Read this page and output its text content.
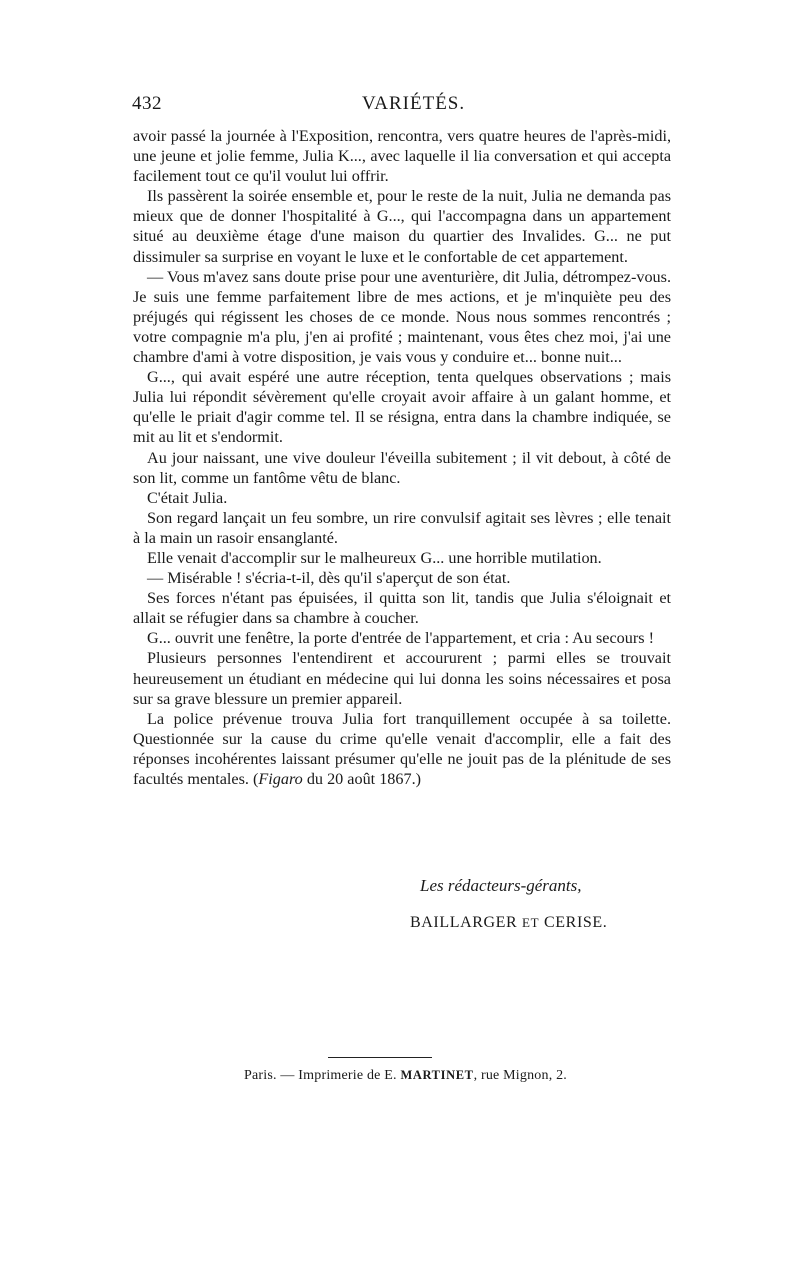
432	VARIÉTÉS.

avoir passé la journée à l'Exposition, rencontra, vers quatre heures de l'après-midi, une jeune et jolie femme, Julia K..., avec laquelle il lia conversation et qui accepta facilement tout ce qu'il voulut lui offrir.

Ils passèrent la soirée ensemble et, pour le reste de la nuit, Julia ne demanda pas mieux que de donner l'hospitalité à G..., qui l'accompagna dans un appartement situé au deuxième étage d'une maison du quartier des Invalides. G... ne put dissimuler sa surprise en voyant le luxe et le confortable de cet appartement.

— Vous m'avez sans doute prise pour une aventurière, dit Julia, détrompez-vous. Je suis une femme parfaitement libre de mes actions, et je m'inquiète peu des préjugés qui régissent les choses de ce monde. Nous nous sommes rencontrés ; votre compagnie m'a plu, j'en ai profité ; maintenant, vous êtes chez moi, j'ai une chambre d'ami à votre disposition, je vais vous y conduire et... bonne nuit...

G..., qui avait espéré une autre réception, tenta quelques observations ; mais Julia lui répondit sévèrement qu'elle croyait avoir affaire à un galant homme, et qu'elle le priait d'agir comme tel. Il se résigna, entra dans la chambre indiquée, se mit au lit et s'endormit.

Au jour naissant, une vive douleur l'éveilla subitement ; il vit debout, à côté de son lit, comme un fantôme vêtu de blanc.

C'était Julia.

Son regard lançait un feu sombre, un rire convulsif agitait ses lèvres ; elle tenait à la main un rasoir ensanglanté.

Elle venait d'accomplir sur le malheureux G... une horrible mutilation.

— Misérable ! s'écria-t-il, dès qu'il s'aperçut de son état.

Ses forces n'étant pas épuisées, il quitta son lit, tandis que Julia s'éloignait et allait se réfugier dans sa chambre à coucher.

G... ouvrit une fenêtre, la porte d'entrée de l'appartement, et cria : Au secours !

Plusieurs personnes l'entendirent et accoururent ; parmi elles se trouvait heureusement un étudiant en médecine qui lui donna les soins nécessaires et posa sur sa grave blessure un premier appareil.

La police prévenue trouva Julia fort tranquillement occupée à sa toilette. Questionnée sur la cause du crime qu'elle venait d'accomplir, elle a fait des réponses incohérentes laissant présumer qu'elle ne jouit pas de la plénitude de ses facultés mentales. (Figaro du 20 août 1867.)

Les rédacteurs-gérants,
BAILLARGER ET CERISE.
Paris. — Imprimerie de E. MARTINET, rue Mignon, 2.
